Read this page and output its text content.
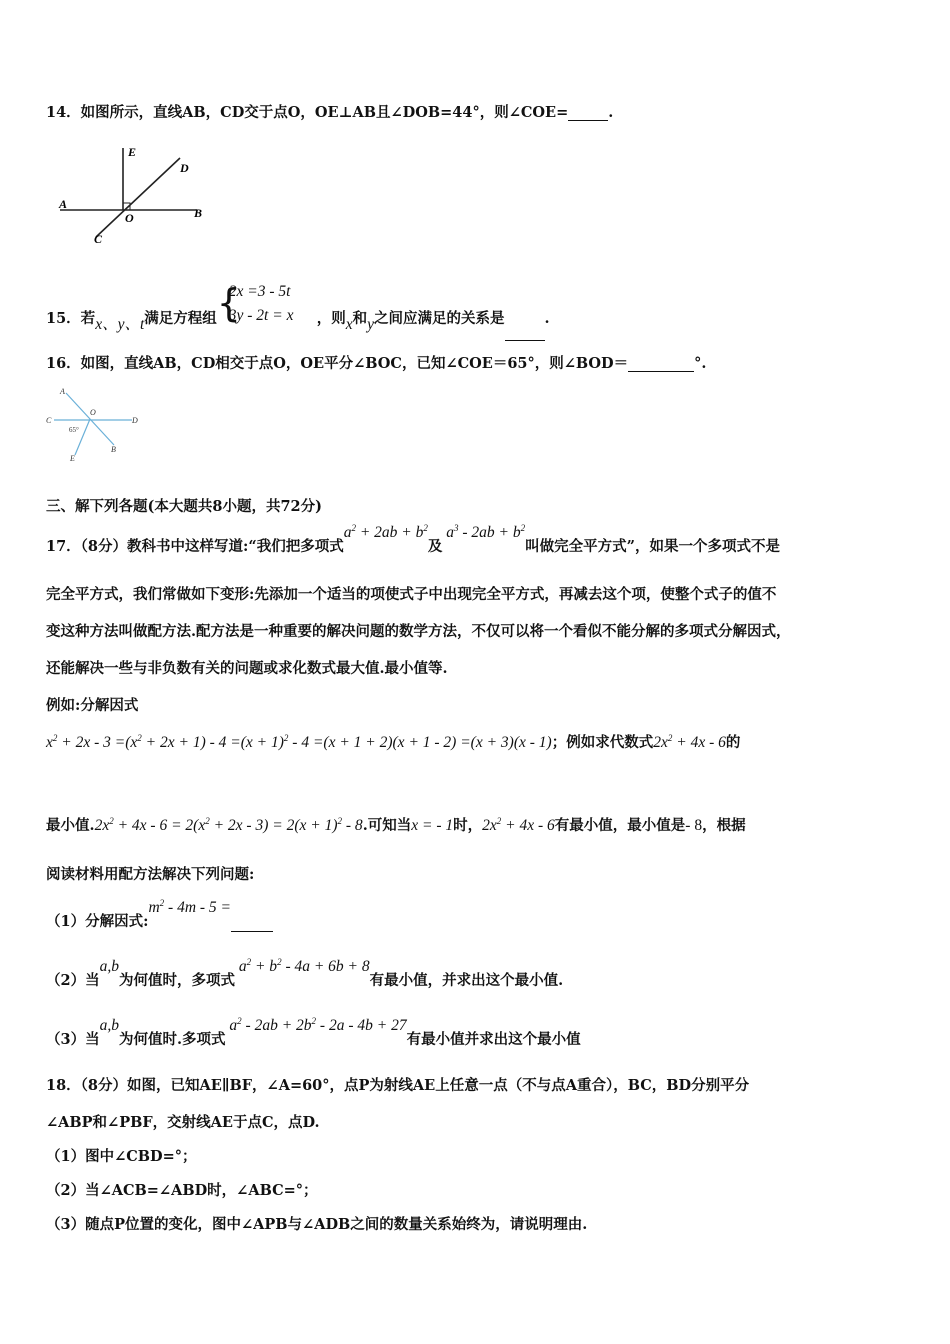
14．如图所示，直线AB，CD交于点O，OE⊥AB且∠DOB=44°，则∠COE=	.
E
D
A
O	B
C
15．若x、y、t满足方程组 {
2x =3 - 5t
3y - 2t = x ，则x和y之间应满足的关系是	.
16．如图，直线AB，CD相交于点O，OE平分∠BOC，已知∠COE＝65°，则∠BOD＝	°.
A
O
C	D
65°
B
E
三、解下列各题(本大题共8小题，共72分)
17．（8分）教科书中这样写道:“我们把多项式$a^2 + 2ab + b^2$及 $a^3 - 2ab + b^2$叫做完全平方式”，如果一个多项式不是
完全平方式，我们常做如下变形:先添加一个适当的项使式子中出现完全平方式，再减去这个项，使整个式子的值不
变这种方法叫做配方法.配方法是一种重要的解决问题的数学方法，不仅可以将一个看似不能分解的多项式分解因式，
还能解决一些与非负数有关的问题或求化数式最大值.最小值等.
例如:分解因式
$x^2 + 2x - 3 =(x^2 + 2x + 1) - 4 =(x + 1)^2 - 4 =(x + 1 + 2)(x + 1 - 2) =(x + 3)(x - 1)$；例如求代数式$2x^2 + 4x - 6$的
最小值$.2x^2 + 4x - 6 = 2(x^2 + 2x - 3) = 2(x + 1)^2 - 8$.可知当x = - 1时，$2x^2 + 4x - 6$有最小值，最小值是- 8，根据
阅读材料用配方法解决下列问题:
（1）分解因式$:m^2 - 4m - 5$ =
（2）当a,b为何值时，多项式 $a^2 + b^2 - 4a + 6b + 8$有最小值，并求出这个最小值.
（3）当a,b为何值时.多项式 $a^2 - 2ab + 2b^2 - 2a - 4b + 27$有最小值并求出这个最小值
18．（8分）如图，已知AE∥BF，∠A=60°，点P为射线AE上任意一点（不与点A重合），BC，BD分别平分
∠ABP和∠PBF，交射线AE于点C，点D.
（1）图中∠CBD=°；
（2）当∠ACB=∠ABD时，∠ABC=°；
（3）随点P位置的变化，图中∠APB与∠ADB之间的数量关系始终为，请说明理由.
